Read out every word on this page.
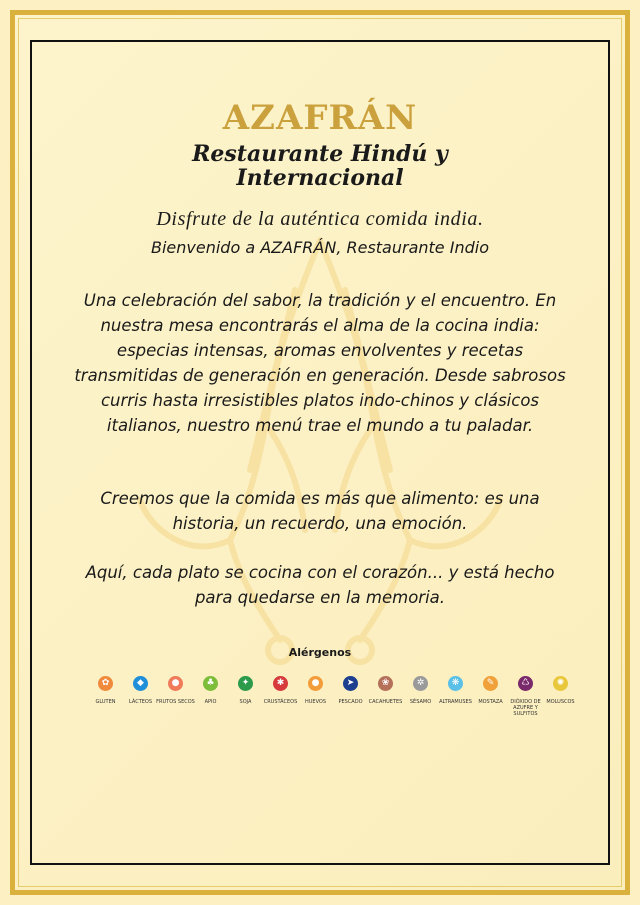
AZAFRÁN
Restaurante Hindú y
Internacional
Disfrute de la auténtica comida india.
Bienvenido a AZAFRÁN, Restaurante Indio
Una celebración del sabor, la tradición y el encuentro. En nuestra mesa encontrarás el alma de la cocina india: especias intensas, aromas envolventes y recetas transmitidas de generación en generación. Desde sabrosos curris hasta irresistibles platos indo-chinos y clásicos italianos, nuestro menú trae el mundo a tu paladar.
Creemos que la comida es más que alimento: es una historia, un recuerdo, una emoción.
Aquí, cada plato se cocina con el corazón... y está hecho para quedarse en la memoria.
Alérgenos
✿
GLUTEN
◆
LÁCTEOS
●
FRUTOS SECOS
♣
APIO
✦
SOJA
✱
CRUSTÁCEOS
●
HUEVOS
➤
PESCADO
❀
CACAHUETES
✲
SÉSAMO
❋
ALTRAMUSES
✎
MOSTAZA
♺
DIÓXIDO DE AZUFRE Y SULFITOS
✺
MOLUSCOS
